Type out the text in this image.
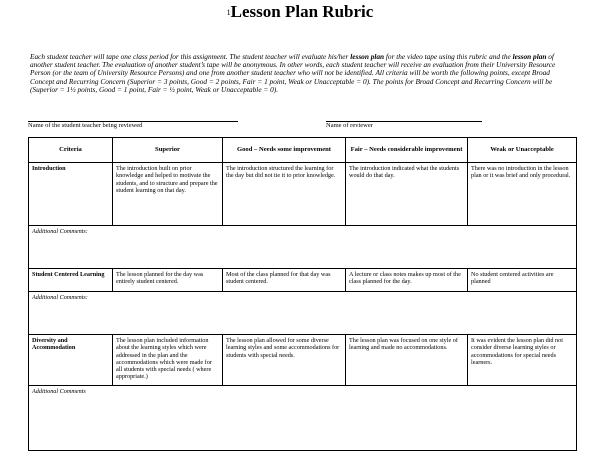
1Lesson Plan Rubric
Each student teacher will tape one class period for this assignment. The student teacher will evaluate his/her lesson plan for the video tape using this rubric and the lesson plan of another student teacher. The evaluation of another student’s tape will be anonymous. In other words, each student teacher will receive an evaluation from their University Resource Person (or the team of University Resource Persons) and one from another student teacher who will not be identified. All criteria will be worth the following points, except Broad Concept and Recurring Concern (Superior = 3 points, Good = 2 points, Fair = 1 point, Weak or Unacceptable = 0). The points for Broad Concept and Recurring Concern will be (Superior = 1½ points, Good = 1 point, Fair = ½ point, Weak or Unacceptable = 0).
Name of the student teacher being reviewed	Name of reviewer
Criteria	Superior	Good – Needs some improvement	Fair – Needs considerable improvement	Weak or Unacceptable
Introduction	The introduction built on prior knowledge and helped to motivate the students, and to structure and prepare the student learning on that day.	The introduction structured the learning for the day but did not tie it to prior knowledge.	The introduction indicated what the students would do that day.	There was no introduction in the lesson plan or it was brief and only procedural.
Additional Comments:				
Student Centered Learning	The lesson planned for the day was entirely student centered.	Most of the class planned for that day was student centered.	A lecture or class notes makes up most of the class planned for the day.	No student centered activities are planned
Additional Comments:				
Diversity and Accommodation	The lesson plan included information about the learning styles which were addressed in the plan and the accommodations which were made for all students with special needs ( where appropriate.)	The lesson plan allowed for some diverse learning styles and some accommodations for students with special needs.	The lesson plan was focused on one style of learning and made no accommodations.	It was evident the lesson plan did not consider diverse learning styles or accommodations for special needs learners.
Additional Comments				
